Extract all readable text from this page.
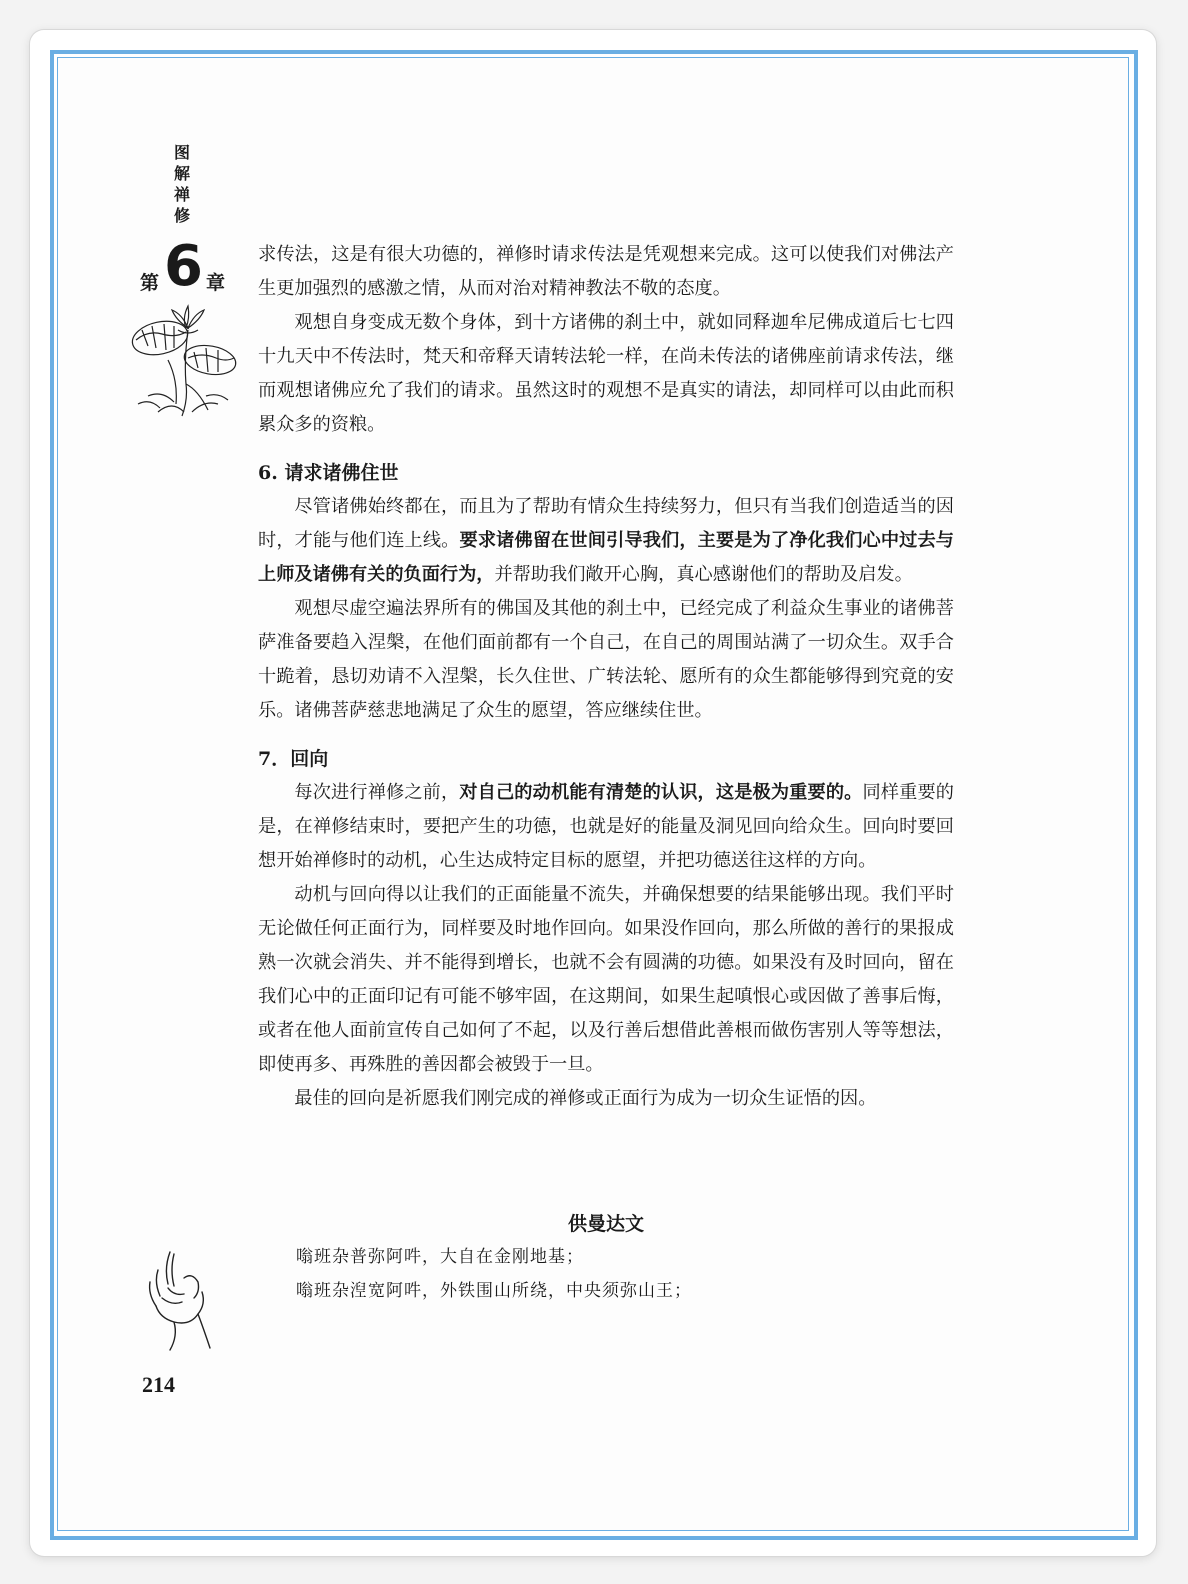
图
解
禅
修
第 6 章

求传法，这是有很大功德的，禅修时请求传法是凭观想来完成。这可以使我们对佛法产生更加强烈的感激之情，从而对治对精神教法不敬的态度。

观想自身变成无数个身体，到十方诸佛的刹土中，就如同释迦牟尼佛成道后七七四十九天中不传法时，梵天和帝释天请转法轮一样，在尚未传法的诸佛座前请求传法，继而观想诸佛应允了我们的请求。虽然这时的观想不是真实的请法，却同样可以由此而积累众多的资粮。

6. 请求诸佛住世

尽管诸佛始终都在，而且为了帮助有情众生持续努力，但只有当我们创造适当的因时，才能与他们连上线。要求诸佛留在世间引导我们，主要是为了净化我们心中过去与上师及诸佛有关的负面行为，并帮助我们敞开心胸，真心感谢他们的帮助及启发。

观想尽虚空遍法界所有的佛国及其他的刹土中，已经完成了利益众生事业的诸佛菩萨准备要趋入涅槃，在他们面前都有一个自己，在自己的周围站满了一切众生。双手合十跪着，恳切劝请不入涅槃，长久住世、广转法轮、愿所有的众生都能够得到究竟的安乐。诸佛菩萨慈悲地满足了众生的愿望，答应继续住世。

7．回向

每次进行禅修之前，对自己的动机能有清楚的认识，这是极为重要的。同样重要的是，在禅修结束时，要把产生的功德，也就是好的能量及洞见回向给众生。回向时要回想开始禅修时的动机，心生达成特定目标的愿望，并把功德送往这样的方向。

动机与回向得以让我们的正面能量不流失，并确保想要的结果能够出现。我们平时无论做任何正面行为，同样要及时地作回向。如果没作回向，那么所做的善行的果报成熟一次就会消失、并不能得到增长，也就不会有圆满的功德。如果没有及时回向，留在我们心中的正面印记有可能不够牢固，在这期间，如果生起嗔恨心或因做了善事后悔，或者在他人面前宣传自己如何了不起，以及行善后想借此善根而做伤害别人等等想法，即使再多、再殊胜的善因都会被毁于一旦。

最佳的回向是祈愿我们刚完成的禅修或正面行为成为一切众生证悟的因。

供曼达文
嗡班杂普弥阿吽，大自在金刚地基；
嗡班杂湼宽阿吽，外铁围山所绕，中央须弥山王；
214
